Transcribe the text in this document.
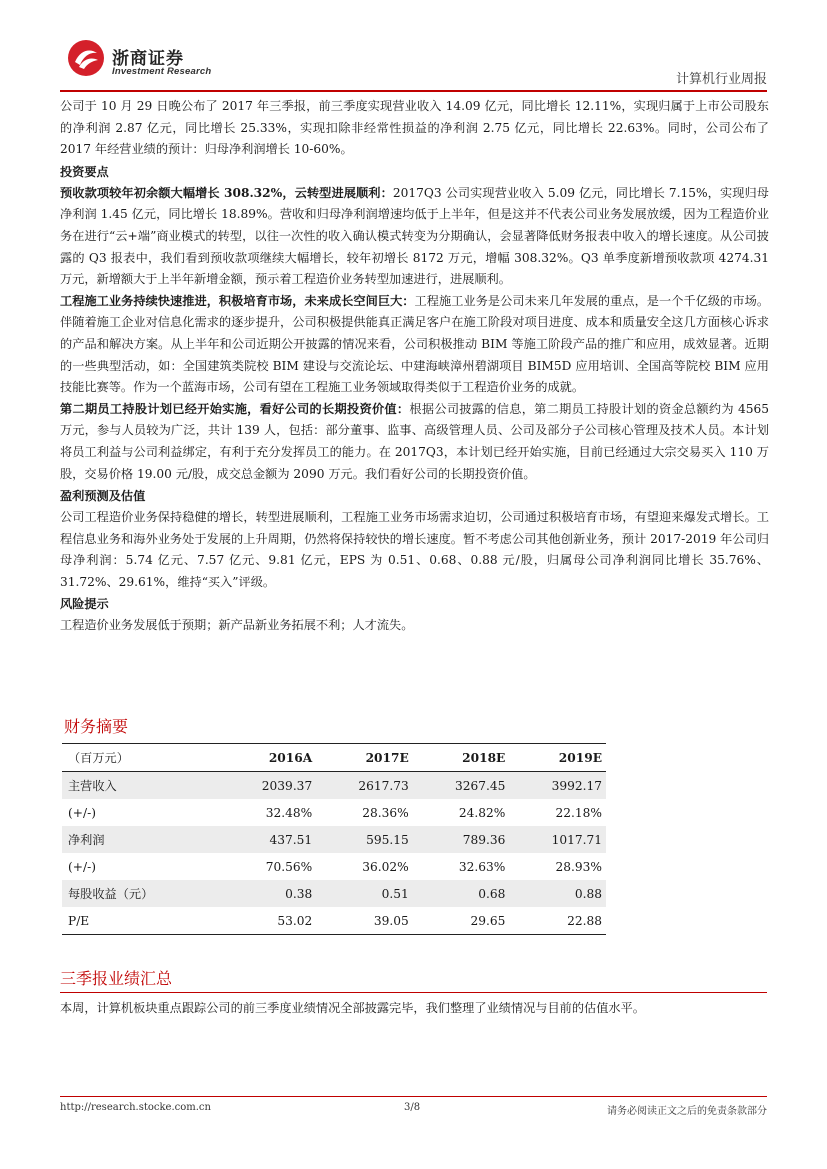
浙商证券
Investment Research
计算机行业周报

公司于 10 月 29 日晚公布了 2017 年三季报，前三季度实现营业收入 14.09 亿元，同比增长 12.11%，实现归属于上市公司股东的净利润 2.87 亿元，同比增长 25.33%，实现扣除非经常性损益的净利润 2.75 亿元，同比增长 22.63%。同时，公司公布了 2017 年经营业绩的预计：归母净利润增长 10-60%。

投资要点

预收款项较年初余额大幅增长 308.32%，云转型进展顺利：2017Q3 公司实现营业收入 5.09 亿元，同比增长 7.15%，实现归母净利润 1.45 亿元，同比增长 18.89%。营收和归母净利润增速均低于上半年，但是这并不代表公司业务发展放缓，因为工程造价业务在进行“云+端”商业模式的转型，以往一次性的收入确认模式转变为分期确认，会显著降低财务报表中收入的增长速度。从公司披露的 Q3 报表中，我们看到预收款项继续大幅增长，较年初增长 8172 万元，增幅 308.32%。Q3 单季度新增预收款项 4274.31 万元，新增额大于上半年新增金额，预示着工程造价业务转型加速进行，进展顺利。

工程施工业务持续快速推进，积极培育市场，未来成长空间巨大：工程施工业务是公司未来几年发展的重点，是一个千亿级的市场。伴随着施工企业对信息化需求的逐步提升，公司积极提供能真正满足客户在施工阶段对项目进度、成本和质量安全这几方面核心诉求的产品和解决方案。从上半年和公司近期公开披露的情况来看，公司积极推动 BIM 等施工阶段产品的推广和应用，成效显著。近期的一些典型活动，如：全国建筑类院校 BIM 建设与交流论坛、中建海峡漳州碧湖项目 BIM5D 应用培训、全国高等院校 BIM 应用技能比赛等。作为一个蓝海市场，公司有望在工程施工业务领域取得类似于工程造价业务的成就。

第二期员工持股计划已经开始实施，看好公司的长期投资价值：根据公司披露的信息，第二期员工持股计划的资金总额约为 4565 万元，参与人员较为广泛，共计 139 人，包括：部分董事、监事、高级管理人员、公司及部分子公司核心管理及技术人员。本计划将员工利益与公司利益绑定，有利于充分发挥员工的能力。在 2017Q3，本计划已经开始实施，目前已经通过大宗交易买入 110 万股，交易价格 19.00 元/股，成交总金额为 2090 万元。我们看好公司的长期投资价值。

盈利预测及估值

公司工程造价业务保持稳健的增长，转型进展顺利，工程施工业务市场需求迫切，公司通过积极培育市场，有望迎来爆发式增长。工程信息业务和海外业务处于发展的上升周期，仍然将保持较快的增长速度。暂不考虑公司其他创新业务，预计 2017-2019 年公司归母净利润：5.74 亿元、7.57 亿元、9.81 亿元，EPS 为 0.51、0.68、0.88 元/股，归属母公司净利润同比增长 35.76%、31.72%、29.61%，维持“买入”评级。

风险提示

工程造价业务发展低于预期；新产品新业务拓展不利；人才流失。

财务摘要
（百万元）	2016A	2017E	2018E	2019E
主营收入	2039.37	2617.73	3267.45	3992.17
(+/-)	32.48%	28.36%	24.82%	22.18%
净利润	437.51	595.15	789.36	1017.71
(+/-)	70.56%	36.02%	32.63%	28.93%
每股收益（元）	0.38	0.51	0.68	0.88
P/E	53.02	39.05	29.65	22.88
三季报业绩汇总
本周，计算机板块重点跟踪公司的前三季度业绩情况全部披露完毕，我们整理了业绩情况与目前的估值水平。
http://research.stocke.com.cn	3/8	请务必阅读正文之后的免责条款部分
